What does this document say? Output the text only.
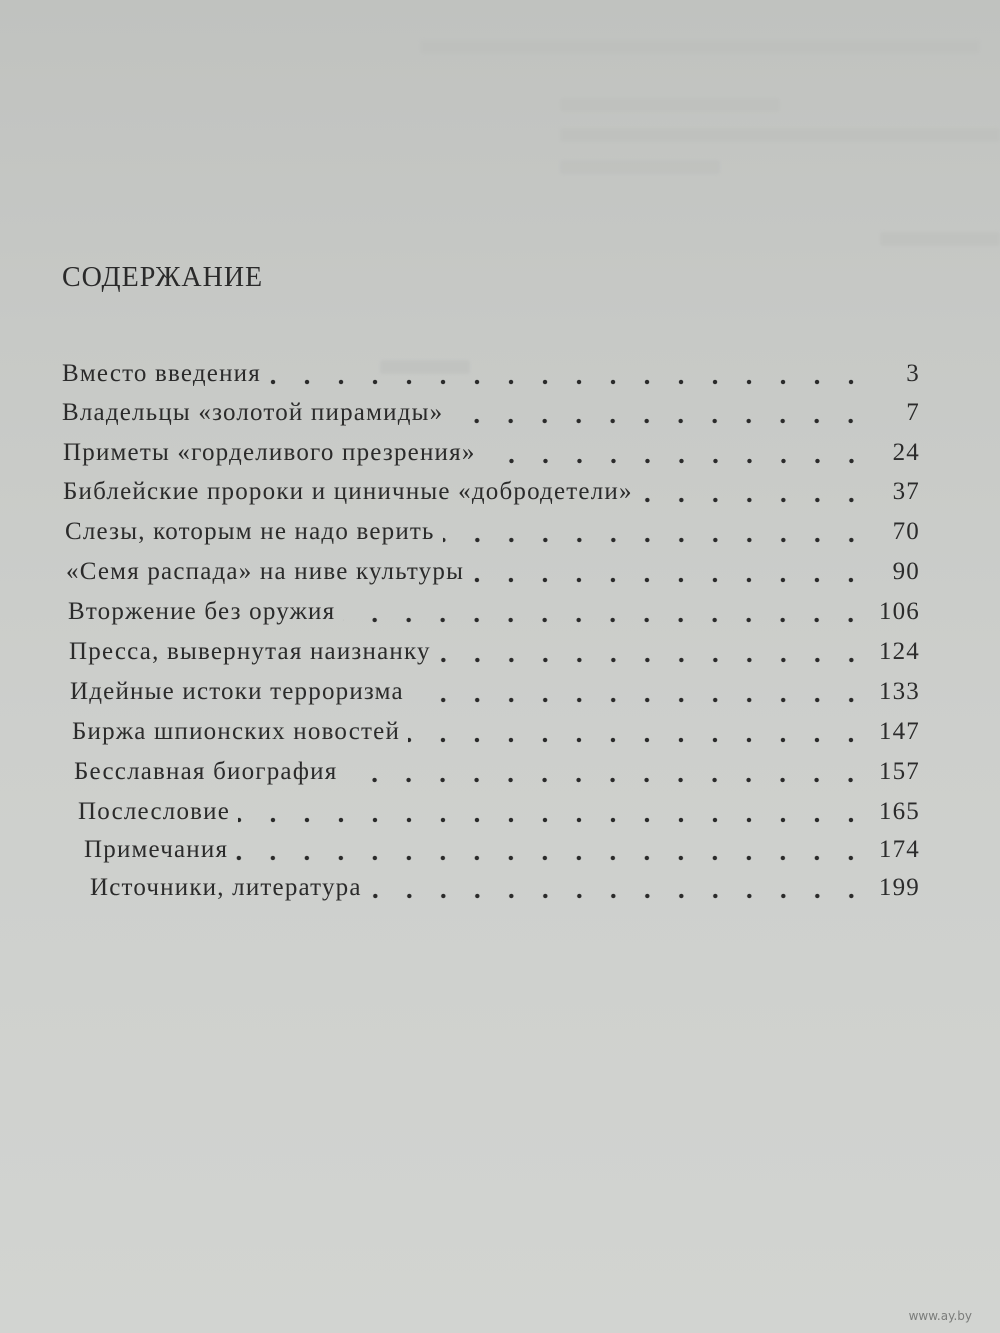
СОДЕРЖАНИЕ
Вместо введения	3
Владельцы «золотой пирамиды»	7
Приметы «горделивого презрения»	24
Библейские пророки и циничные «добродетели»	37
Слезы, которым не надо верить	70
«Семя распада» на ниве культуры	90
Вторжение без оружия	106
Пресса, вывернутая наизнанку	124
Идейные истоки терроризма	133
Биржа шпионских новостей	147
Бесславная биография	157
Послесловие	165
Примечания	174
Источники, литература	199
www.ay.by
